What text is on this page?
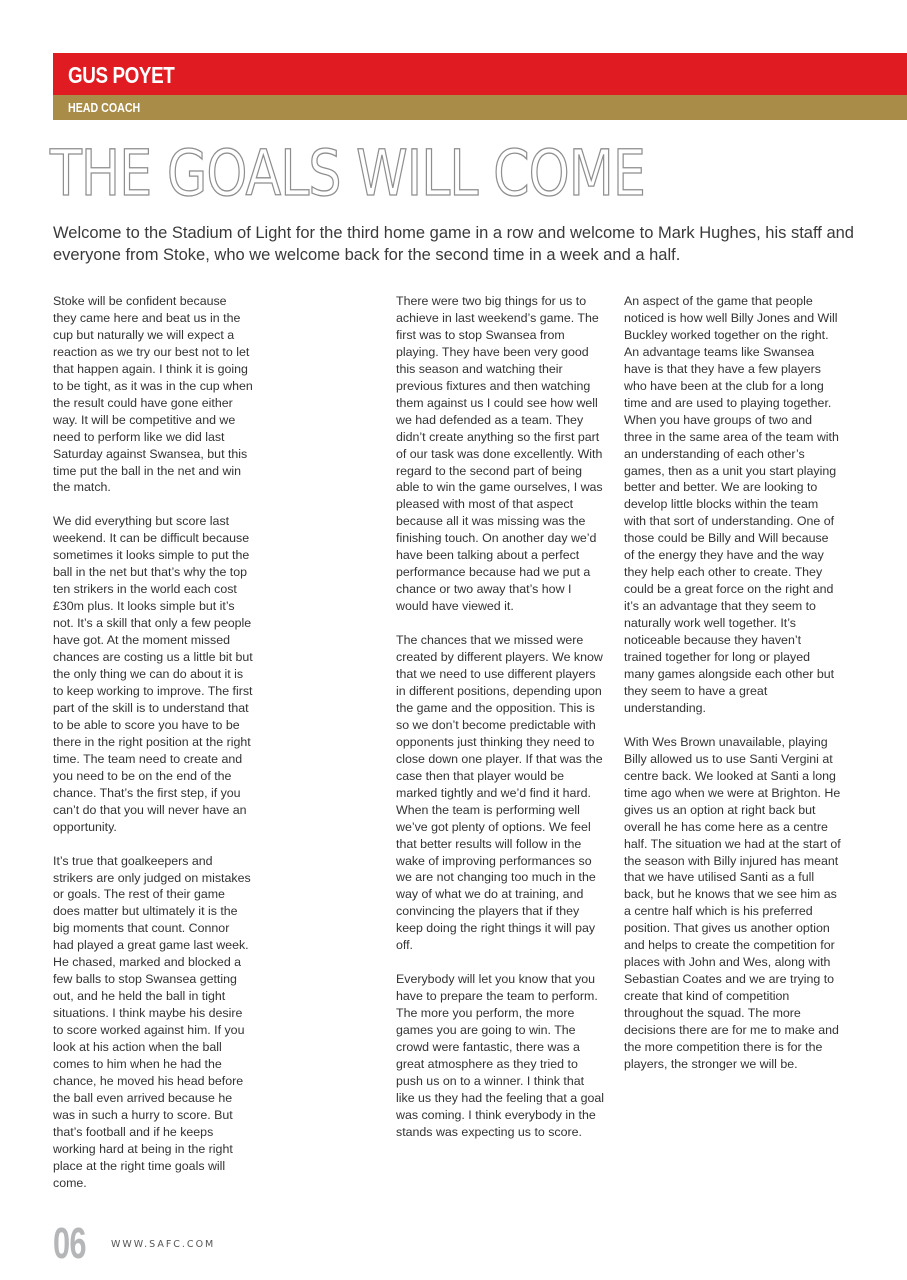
GUS POYET
HEAD COACH
THE GOALS WILL COME
Welcome to the Stadium of Light for the third home game in a row and welcome to Mark Hughes, his staff and everyone from Stoke, who we welcome back for the second time in a week and a half.

Stoke will be confident because they came here and beat us in the cup but naturally we will expect a reaction as we try our best not to let that happen again. I think it is going to be tight, as it was in the cup when the result could have gone either way. It will be competitive and we need to perform like we did last Saturday against Swansea, but this time put the ball in the net and win the match.

We did everything but score last weekend. It can be difficult because sometimes it looks simple to put the ball in the net but that’s why the top ten strikers in the world each cost £30m plus. It looks simple but it’s not. It’s a skill that only a few people have got. At the moment missed chances are costing us a little bit but the only thing we can do about it is to keep working to improve. The first part of the skill is to understand that to be able to score you have to be there in the right position at the right time. The team need to create and you need to be on the end of the chance. That’s the first step, if you can’t do that you will never have an opportunity.

It’s true that goalkeepers and strikers are only judged on mistakes or goals. The rest of their game does matter but ultimately it is the big moments that count. Connor had played a great game last week. He chased, marked and blocked a few balls to stop Swansea getting out, and he held the ball in tight situations. I think maybe his desire to score worked against him. If you look at his action when the ball comes to him when he had the chance, he moved his head before the ball even arrived because he was in such a hurry to score. But that’s football and if he keeps working hard at being in the right place at the right time goals will come.

There were two big things for us to achieve in last weekend’s game. The first was to stop Swansea from playing. They have been very good this season and watching their previous fixtures and then watching them against us I could see how well we had defended as a team. They didn’t create anything so the first part of our task was done excellently. With regard to the second part of being able to win the game ourselves, I was pleased with most of that aspect because all it was missing was the finishing touch. On another day we’d have been talking about a perfect performance because had we put a chance or two away that’s how I would have viewed it.

The chances that we missed were created by different players. We know that we need to use different players in different positions, depending upon the game and the opposition. This is so we don’t become predictable with opponents just thinking they need to close down one player. If that was the case then that player would be marked tightly and we’d find it hard. When the team is performing well we’ve got plenty of options. We feel that better results will follow in the wake of improving performances so we are not changing too much in the way of what we do at training, and convincing the players that if they keep doing the right things it will pay off.

Everybody will let you know that you have to prepare the team to perform. The more you perform, the more games you are going to win. The crowd were fantastic, there was a great atmosphere as they tried to push us on to a winner. I think that like us they had the feeling that a goal was coming. I think everybody in the stands was expecting us to score.

An aspect of the game that people noticed is how well Billy Jones and Will Buckley worked together on the right. An advantage teams like Swansea have is that they have a few players who have been at the club for a long time and are used to playing together. When you have groups of two and three in the same area of the team with an understanding of each other’s games, then as a unit you start playing better and better. We are looking to develop little blocks within the team with that sort of understanding. One of those could be Billy and Will because of the energy they have and the way they help each other to create. They could be a great force on the right and it’s an advantage that they seem to naturally work well together. It’s noticeable because they haven’t trained together for long or played many games alongside each other but they seem to have a great understanding.

With Wes Brown unavailable, playing Billy allowed us to use Santi Vergini at centre back. We looked at Santi a long time ago when we were at Brighton. He gives us an option at right back but overall he has come here as a centre half. The situation we had at the start of the season with Billy injured has meant that we have utilised Santi as a full back, but he knows that we see him as a centre half which is his preferred position. That gives us another option and helps to create the competition for places with John and Wes, along with Sebastian Coates and we are trying to create that kind of competition throughout the squad. The more decisions there are for me to make and the more competition there is for the players, the stronger we will be.

06	WWW.SAFC.COM
